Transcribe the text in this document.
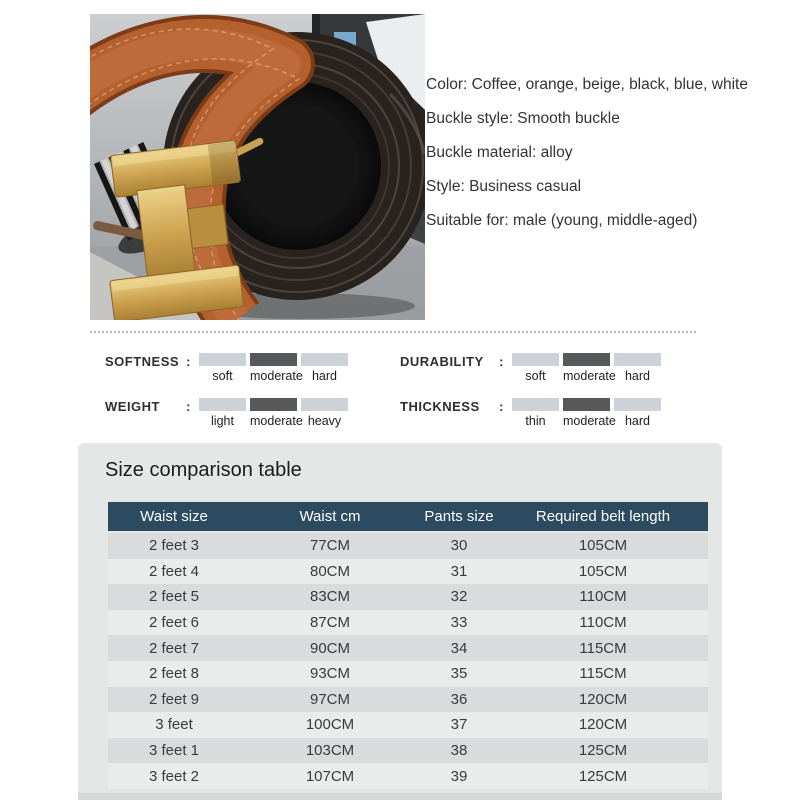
Color: Coffee, orange, beige, black, blue, white

Buckle style: Smooth buckle

Buckle material: alloy

Style: Business casual

Suitable for: male (young, middle-aged)

SOFTNESS :
soft	moderate hard
DURABILITY :
soft	moderate hard
WEIGHT :
light	moderate heavy
THICKNESS :
thin	moderate hard
Size comparison table
Waist size	Waist cm	Pants size	Required belt length
2 feet 3	77CM	30	105CM
2 feet 4	80CM	31	105CM
2 feet 5	83CM	32	110CM
2 feet 6	87CM	33	110CM
2 feet 7	90CM	34	115CM
2 feet 8	93CM	35	115CM
2 feet 9	97CM	36	120CM
3 feet	100CM	37	120CM
3 feet 1	103CM	38	125CM
3 feet 2	107CM	39	125CM
